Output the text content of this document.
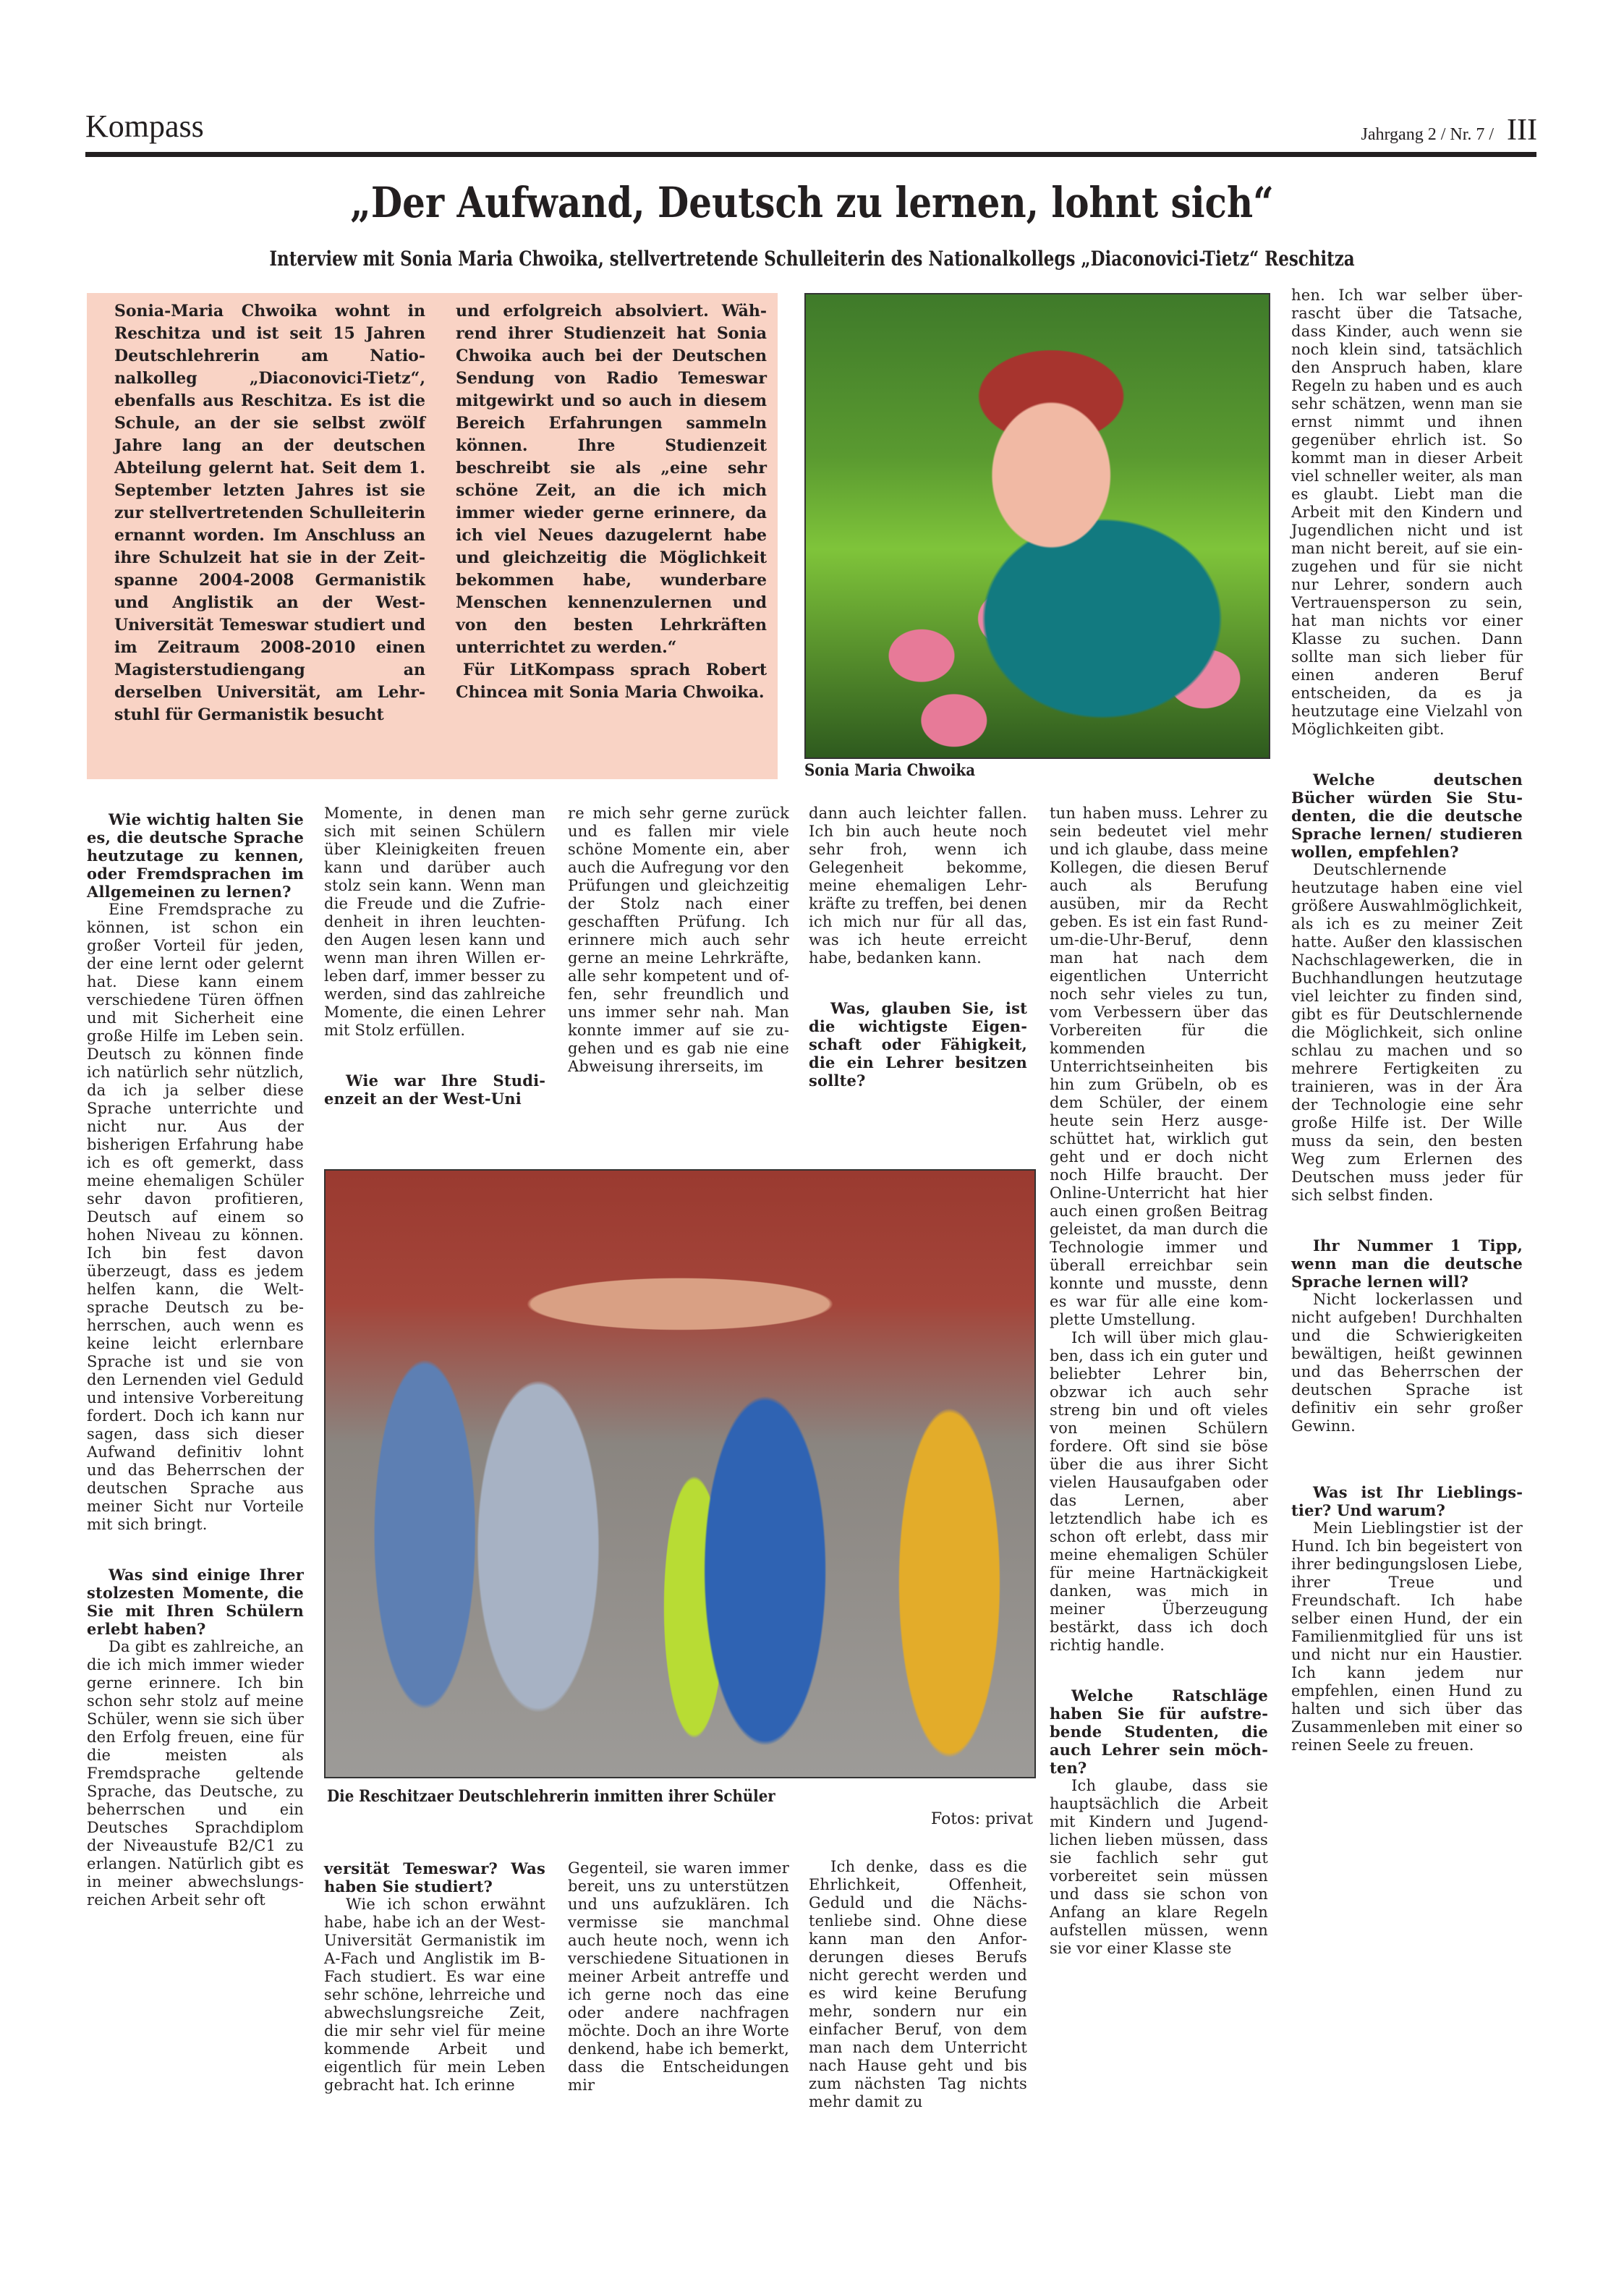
Kompass	Jahrgang 2 / Nr. 7 / III
„Der Aufwand, Deutsch zu lernen, lohnt sich“
Interview mit Sonia Maria Chwoika, stellvertretende Schulleiterin des Nationalkollegs „Diaconovici-Tietz“ Reschitza

Sonia-Maria Chwoika wohnt in Reschitza und ist seit 15 Jahren Deutschlehrerin am Nationalkolleg „Diaconovici-Tietz“, ebenfalls aus Reschitza. Es ist die Schule, an der sie selbst zwölf Jahre lang an der deutschen Abteilung gelernt hat. Seit dem 1. September letzten Jahres ist sie zur stellvertretenden Schulleiterin ernannt worden. Im Anschluss an ihre Schulzeit hat sie in der Zeitspanne 2004-2008 Germanistik und Anglistik an der West-Universität Temeswar studiert und im Zeitraum 2008-2010 einen Magisterstudiengang an derselben Universität, am Lehrstuhl für Germanistik besucht

und erfolgreich absolviert. Während ihrer Studienzeit hat Sonia Chwoika auch bei der Deutschen Sendung von Radio Temeswar mitgewirkt und so auch in diesem Bereich Erfahrungen sammeln können. Ihre Studienzeit beschreibt sie als „eine sehr schöne Zeit, an die ich mich immer wieder gerne erinnere, da ich viel Neues dazugelernt habe und gleichzeitig die Möglichkeit bekommen habe, wunderbare Menschen kennenzulernen und von den besten Lehrkräften unterrichtet zu werden.“

Für LitKompass sprach Robert Chincea mit Sonia Maria Chwoika.

Sonia Maria Chwoika
Die Reschitzaer Deutschlehrerin inmitten ihrer Schüler
Fotos: privat

Wie wichtig halten Sie es, die deutsche Sprache heutzutage zu kennen, oder Fremdsprachen im Allgemeinen zu lernen?

Eine Fremdsprache zu können, ist schon ein großer Vorteil für jeden, der eine lernt oder gelernt hat. Diese kann einem verschiedene Türen öffnen und mit Sicherheit eine große Hilfe im Leben sein. Deutsch zu können finde ich natürlich sehr nützlich, da ich ja selber diese Sprache unterrichte und nicht nur. Aus der bisherigen Erfahrung habe ich es oft gemerkt, dass meine ehemaligen Schüler sehr davon profitieren, Deutsch auf einem so hohen Niveau zu können. Ich bin fest davon überzeugt, dass es jedem helfen kann, die Weltsprache Deutsch zu beherrschen, auch wenn es keine leicht erlernbare Sprache ist und sie von den Lernenden viel Geduld und intensive Vorbereitung fordert. Doch ich kann nur sagen, dass sich dieser Aufwand definitiv lohnt und das Beherrschen der deutschen Sprache aus meiner Sicht nur Vorteile mit sich bringt.

Was sind einige Ihrer stolzesten Momente, die Sie mit Ihren Schülern erlebt haben?

Da gibt es zahlreiche, an die ich mich immer wieder gerne erinnere. Ich bin schon sehr stolz auf meine Schüler, wenn sie sich über den Erfolg freuen, eine für die meisten als Fremdsprache geltende Sprache, das Deutsche, zu beherrschen und ein Deutsches Sprachdiplom der Niveaustufe B2/C1 zu erlangen. Natürlich gibt es in meiner abwechslungsreichen Arbeit sehr oft

Momente, in denen man sich mit seinen Schülern über Kleinigkeiten freuen kann und darüber auch stolz sein kann. Wenn man die Freude und die Zufriedenheit in ihren leuchtenden Augen lesen kann und wenn man ihren Willen erleben darf, immer besser zu werden, sind das zahlreiche Momente, die einen Lehrer mit Stolz erfüllen.

Wie war Ihre Studienzeit an der West-Uni

versität Temeswar? Was haben Sie studiert?

Wie ich schon erwähnt habe, habe ich an der West-Universität Germanistik im A-Fach und Anglistik im B-Fach studiert. Es war eine sehr schöne, lehrreiche und abwechslungsreiche Zeit, die mir sehr viel für meine kommende Arbeit und eigentlich für mein Leben gebracht hat. Ich erinne

re mich sehr gerne zurück und es fallen mir viele schöne Momente ein, aber auch die Aufregung vor den Prüfungen und gleichzeitig der Stolz nach einer geschafften Prüfung. Ich erinnere mich auch sehr gerne an meine Lehrkräfte, alle sehr kompetent und offen, sehr freundlich und uns immer sehr nah. Man konnte immer auf sie zugehen und es gab nie eine Abweisung ihrerseits, im

Gegenteil, sie waren immer bereit, uns zu unterstützen und uns aufzuklären. Ich vermisse sie manchmal auch heute noch, wenn ich verschiedene Situationen in meiner Arbeit antreffe und ich gerne noch das eine oder andere nachfragen möchte. Doch an ihre Worte denkend, habe ich bemerkt, dass die Entscheidungen mir

dann auch leichter fallen. Ich bin auch heute noch sehr froh, wenn ich Gelegenheit bekomme, meine ehemaligen Lehrkräfte zu treffen, bei denen ich mich nur für all das, was ich heute erreicht habe, bedanken kann.

Was, glauben Sie, ist die wichtigste Eigenschaft oder Fähigkeit, die ein Lehrer besitzen sollte?

Ich denke, dass es die Ehrlichkeit, Offenheit, Geduld und die Nächstenliebe sind. Ohne diese kann man den Anforderungen dieses Berufs nicht gerecht werden und es wird keine Berufung mehr, sondern nur ein einfacher Beruf, von dem man nach dem Unterricht nach Hause geht und bis zum nächsten Tag nichts mehr damit zu

tun haben muss. Lehrer zu sein bedeutet viel mehr und ich glaube, dass meine Kollegen, die diesen Beruf auch als Berufung ausüben, mir da Recht geben. Es ist ein fast Rund-um-die-Uhr-Beruf, denn man hat nach dem eigentlichen Unterricht noch sehr vieles zu tun, vom Verbessern über das Vorbereiten für die kommenden Unterrichtseinheiten bis hin zum Grübeln, ob es dem Schüler, der einem heute sein Herz ausgeschüttet hat, wirklich gut geht und er doch nicht noch Hilfe braucht. Der Online-Unterricht hat hier auch einen großen Beitrag geleistet, da man durch die Technologie immer und überall erreichbar sein konnte und musste, denn es war für alle eine komplette Umstellung.

Ich will über mich glauben, dass ich ein guter und beliebter Lehrer bin, obzwar ich auch sehr streng bin und oft vieles von meinen Schülern fordere. Oft sind sie böse über die aus ihrer Sicht vielen Hausaufgaben oder das Lernen, aber letztendlich habe ich es schon oft erlebt, dass mir meine ehemaligen Schüler für meine Hartnäckigkeit danken, was mich in meiner Überzeugung bestärkt, dass ich doch richtig handle.

Welche Ratschläge haben Sie für aufstrebende Studenten, die auch Lehrer sein möchten?

Ich glaube, dass sie hauptsächlich die Arbeit mit Kindern und Jugendlichen lieben müssen, dass sie fachlich sehr gut vorbereitet sein müssen und dass sie schon von Anfang an klare Regeln aufstellen müssen, wenn sie vor einer Klasse ste

hen. Ich war selber überrascht über die Tatsache, dass Kinder, auch wenn sie noch klein sind, tatsächlich den Anspruch haben, klare Regeln zu haben und es auch sehr schätzen, wenn man sie ernst nimmt und ihnen gegenüber ehrlich ist. So kommt man in dieser Arbeit viel schneller weiter, als man es glaubt. Liebt man die Arbeit mit den Kindern und Jugendlichen nicht und ist man nicht bereit, auf sie einzugehen und für sie nicht nur Lehrer, sondern auch Vertrauensperson zu sein, hat man nichts vor einer Klasse zu suchen. Dann sollte man sich lieber für einen anderen Beruf entscheiden, da es ja heutzutage eine Vielzahl von Möglichkeiten gibt.

Welche deutschen Bücher würden Sie Studenten, die die deutsche Sprache lernen/ studieren wollen, empfehlen?

Deutschlernende heutzutage haben eine viel größere Auswahlmöglichkeit, als ich es zu meiner Zeit hatte. Außer den klassischen Nachschlagewerken, die in Buchhandlungen heutzutage viel leichter zu finden sind, gibt es für Deutschlernende die Möglichkeit, sich online schlau zu machen und so mehrere Fertigkeiten zu trainieren, was in der Ära der Technologie eine sehr große Hilfe ist. Der Wille muss da sein, den besten Weg zum Erlernen des Deutschen muss jeder für sich selbst finden.

Ihr Nummer 1 Tipp, wenn man die deutsche Sprache lernen will?

Nicht lockerlassen und nicht aufgeben! Durchhalten und die Schwierigkeiten bewältigen, heißt gewinnen und das Beherrschen der deutschen Sprache ist definitiv ein sehr großer Gewinn.

Was ist Ihr Lieblingstier? Und warum?

Mein Lieblingstier ist der Hund. Ich bin begeistert von ihrer bedingungslosen Liebe, ihrer Treue und Freundschaft. Ich habe selber einen Hund, der ein Familienmitglied für uns ist und nicht nur ein Haustier. Ich kann jedem nur empfehlen, einen Hund zu halten und sich über das Zusammenleben mit einer so reinen Seele zu freuen.
